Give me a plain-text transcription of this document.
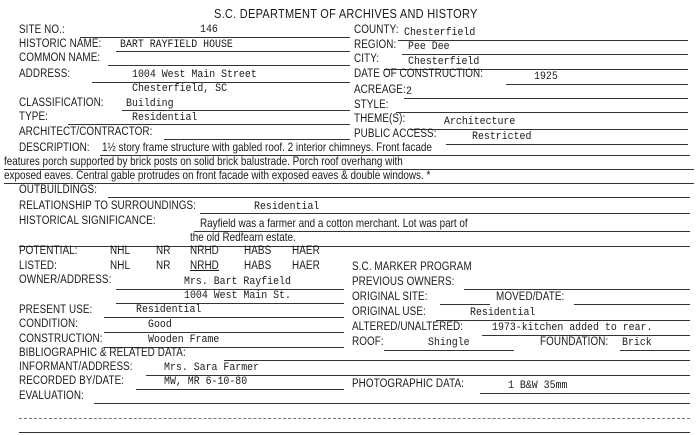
S.C. DEPARTMENT OF ARCHIVES AND HISTORY
SITE NO.:	146	COUNTY: Chesterfield
HISTORIC NAME: BART RAYFIELD HOUSE	REGION: Pee Dee
COMMON NAME:	CITY:	Chesterfield
ADDRESS:	1004 West Main Street
Chesterfield, SC
DATE OF CONSTRUCTION:	1925
ACREAGE: 2
CLASSIFICATION: Building	STYLE:
TYPE:	Residential	THEME(S):	Architecture
ARCHITECT/CONTRACTOR:	PUBLIC ACCESS:	Restricted
DESCRIPTION: 1½ story frame structure with gabled roof. 2 interior chimneys. Front facade
features porch supported by brick posts on solid brick balustrade. Porch roof overhang with
exposed eaves. Central gable protrudes on front facade with exposed eaves & double windows. *
OUTBUILDINGS:
RELATIONSHIP TO SURROUNDINGS:	Residential
HISTORICAL SIGNIFICANCE:	Rayfield was a farmer and a cotton merchant. Lot was part of
the old Redfearn estate.
POTENTIAL:	NHL NR NRHD HABS HAER
LISTED:	NHL NR NRHD HABS HAER	S.C. MARKER PROGRAM
OWNER/ADDRESS:	Mrs. Bart Rayfield
1004 West Main St.
PREVIOUS OWNERS:
ORIGINAL SITE:	MOVED/DATE:
PRESENT USE:	Residential	ORIGINAL USE:	Residential
CONDITION:	Good	ALTERED/UNALTERED:	1973-kitchen added to rear.
CONSTRUCTION:	Wooden Frame	ROOF:	Shingle	FOUNDATION: Brick
BIBLIOGRAPHIC & RELATED DATA:
INFORMANT/ADDRESS:	Mrs. Sara Farmer
RECORDED BY/DATE:	MW, MR 6-10-80	PHOTOGRAPHIC DATA:	1 B&W 35mm
EVALUATION:
